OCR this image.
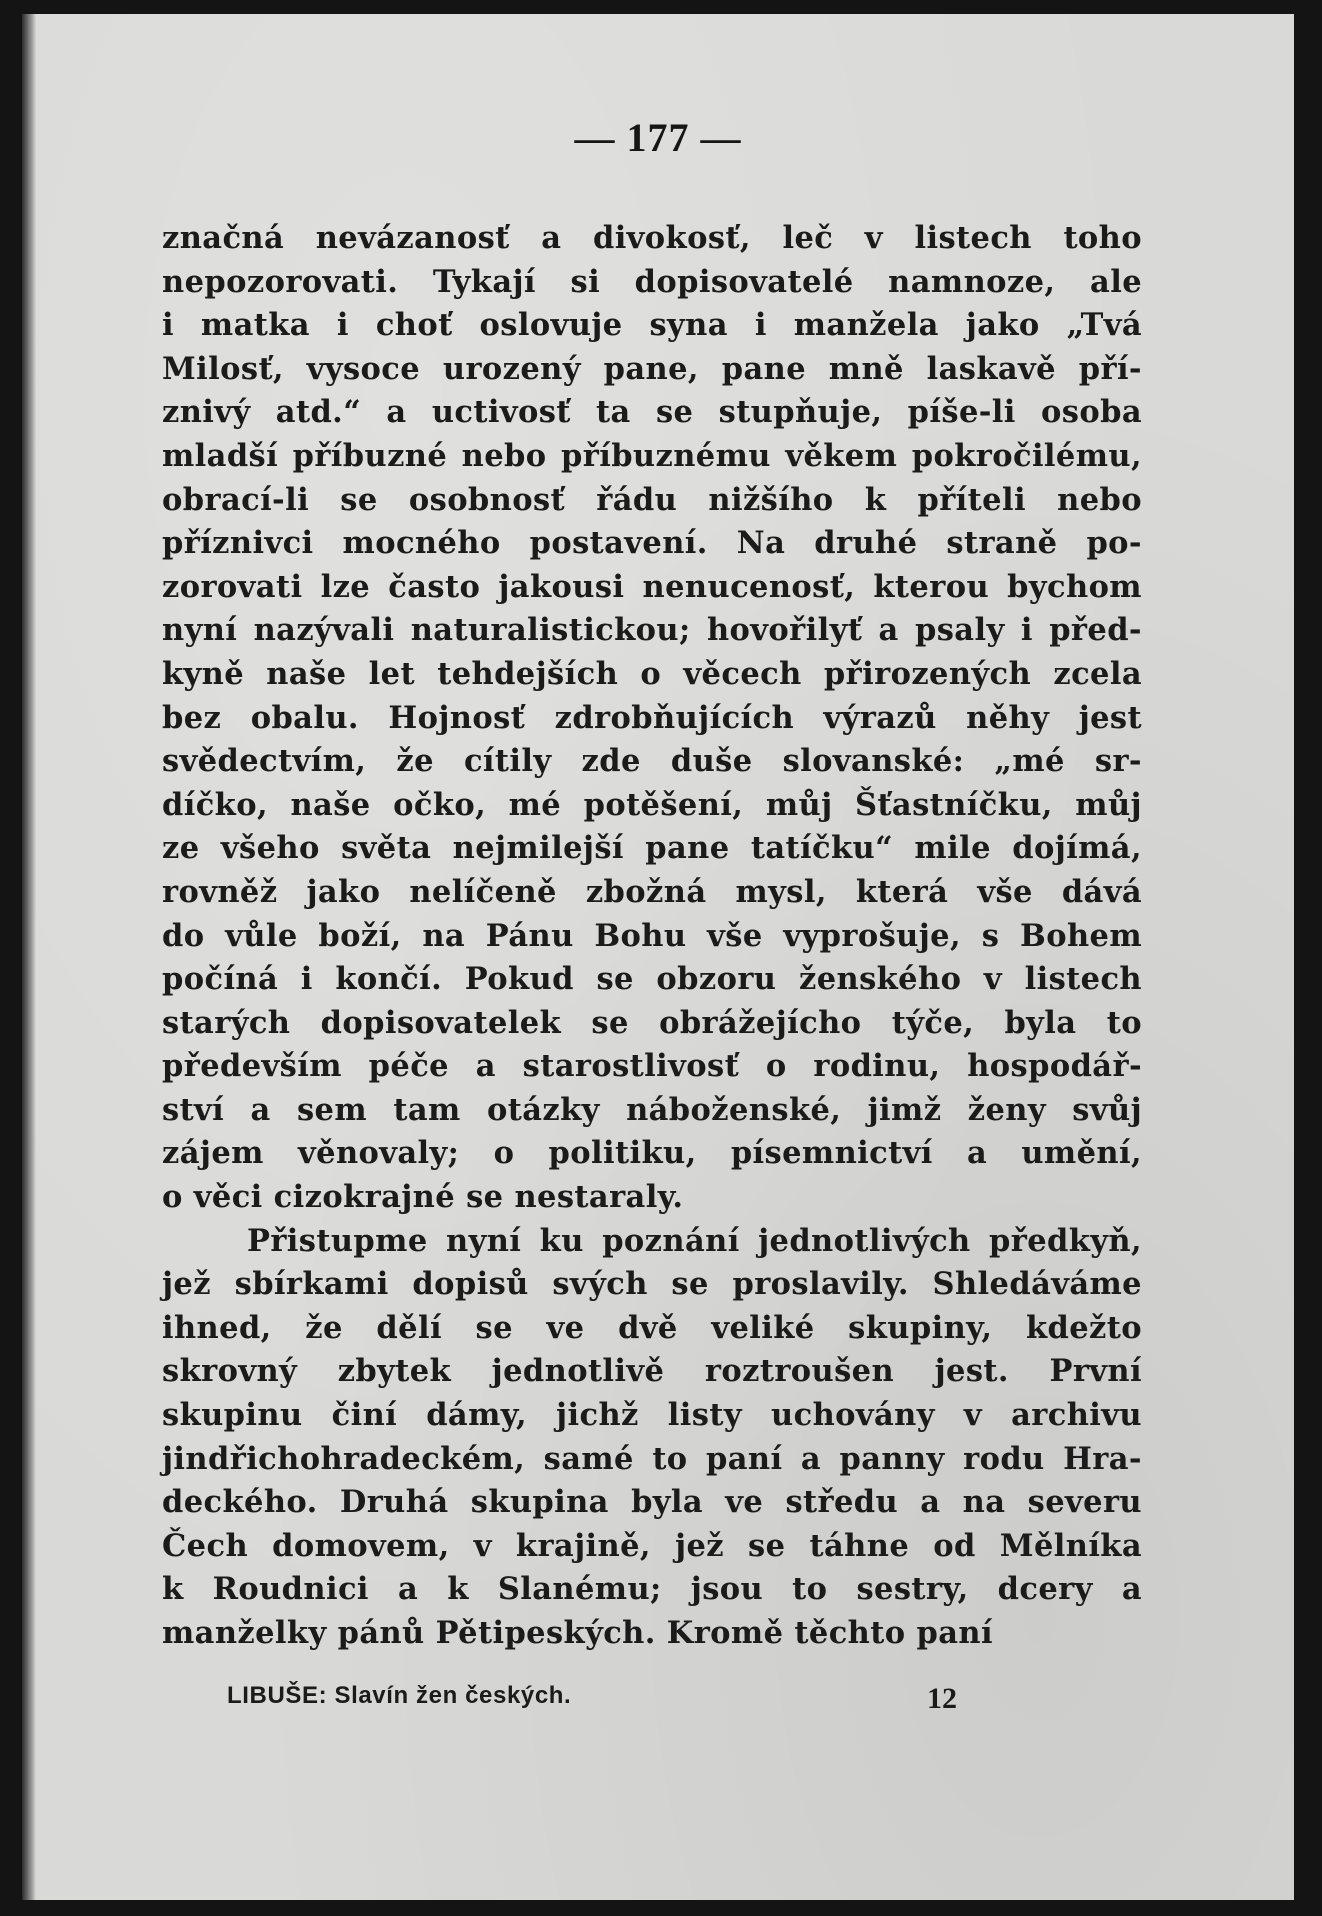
— 177 —
značná nevázanosť a divokosť, leč v listech toho
nepozorovati. Tykají si dopisovatelé namnoze, ale
i matka i choť oslovuje syna i manžela jako „Tvá
Milosť, vysoce urozený pane, pane mně laskavě pří-
znivý atd.“ a uctivosť ta se stupňuje, píše-li osoba
mladší příbuzné nebo příbuznému věkem pokročilému,
obrací-li se osobnosť řádu nižšího k příteli nebo
příznivci mocného postavení. Na druhé straně po-
zorovati lze často jakousi nenucenosť, kterou bychom
nyní nazývali naturalistickou; hovořilyť a psaly i před-
kyně naše let tehdejších o věcech přirozených zcela
bez obalu. Hojnosť zdrobňujících výrazů něhy jest
svědectvím, že cítily zde duše slovanské: „mé sr-
díčko, naše očko, mé potěšení, můj Šťastníčku, můj
ze všeho světa nejmilejší pane tatíčku“ mile dojímá,
rovněž jako nelíčeně zbožná mysl, která vše dává
do vůle boží, na Pánu Bohu vše vyprošuje, s Bohem
počíná i končí. Pokud se obzoru ženského v listech
starých dopisovatelek se obrážejícho týče, byla to
především péče a starostlivosť o rodinu, hospodář-
ství a sem tam otázky náboženské, jimž ženy svůj
zájem věnovaly; o politiku, písemnictví a umění,
o věci cizokrajné se nestaraly.
Přistupme nyní ku poznání jednotlivých předkyň,
jež sbírkami dopisů svých se proslavily. Shledáváme
ihned, že dělí se ve dvě veliké skupiny, kdežto
skrovný zbytek jednotlivě roztroušen jest. První
skupinu činí dámy, jichž listy uchovány v archivu
jindřichohradeckém, samé to paní a panny rodu Hra-
deckého. Druhá skupina byla ve středu a na severu
Čech domovem, v krajině, jež se táhne od Mělníka
k Roudnici a k Slanému; jsou to sestry, dcery a
manželky pánů Pětipeských. Kromě těchto paní
LIBUŠE: Slavín žen českých.	12
